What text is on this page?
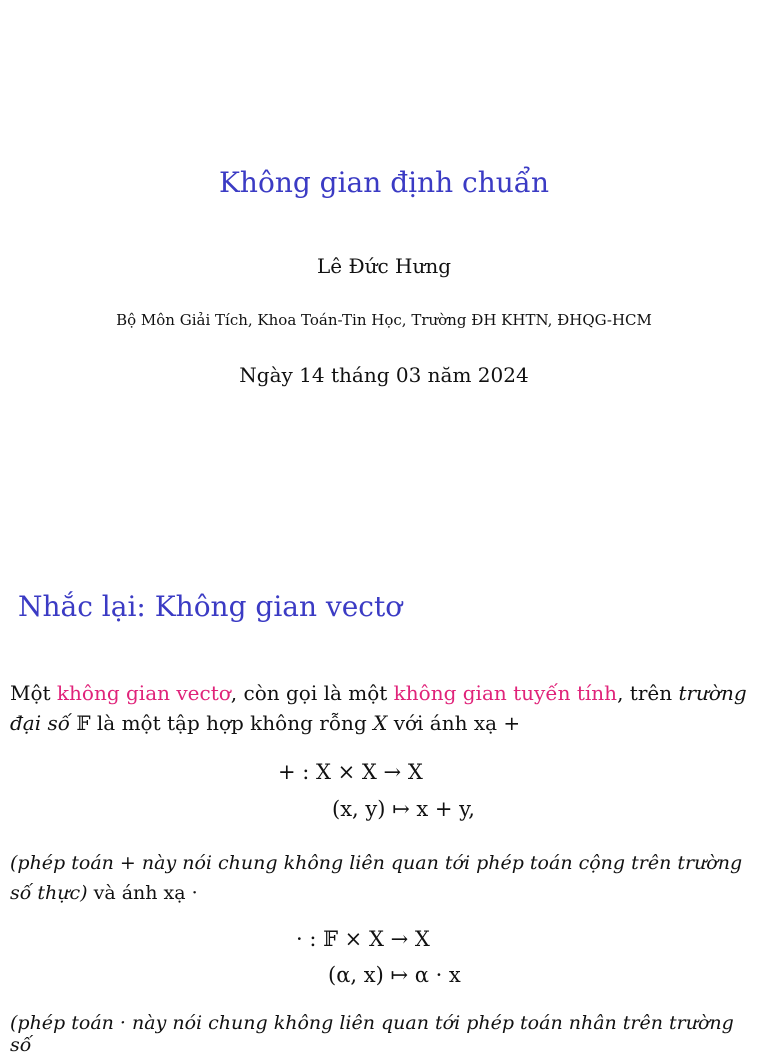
Không gian định chuẩn
Lê Đức Hưng
Bộ Môn Giải Tích, Khoa Toán-Tin Học, Trường ĐH KHTN, ĐHQG-HCM
Ngày 14 tháng 03 năm 2024
Nhắc lại: Không gian vectơ
Một không gian vectơ, còn gọi là một không gian tuyến tính, trên trường đại số 𝔽 là một tập hợp không rỗng X với ánh xạ +
+ : X × X → X
(x, y) ↦ x + y,
(phép toán + này nói chung không liên quan tới phép toán cộng trên trường số thực) và ánh xạ ·
· : 𝔽 × X → X
(α, x) ↦ α · x
(phép toán · này nói chung không liên quan tới phép toán nhân trên trường số
